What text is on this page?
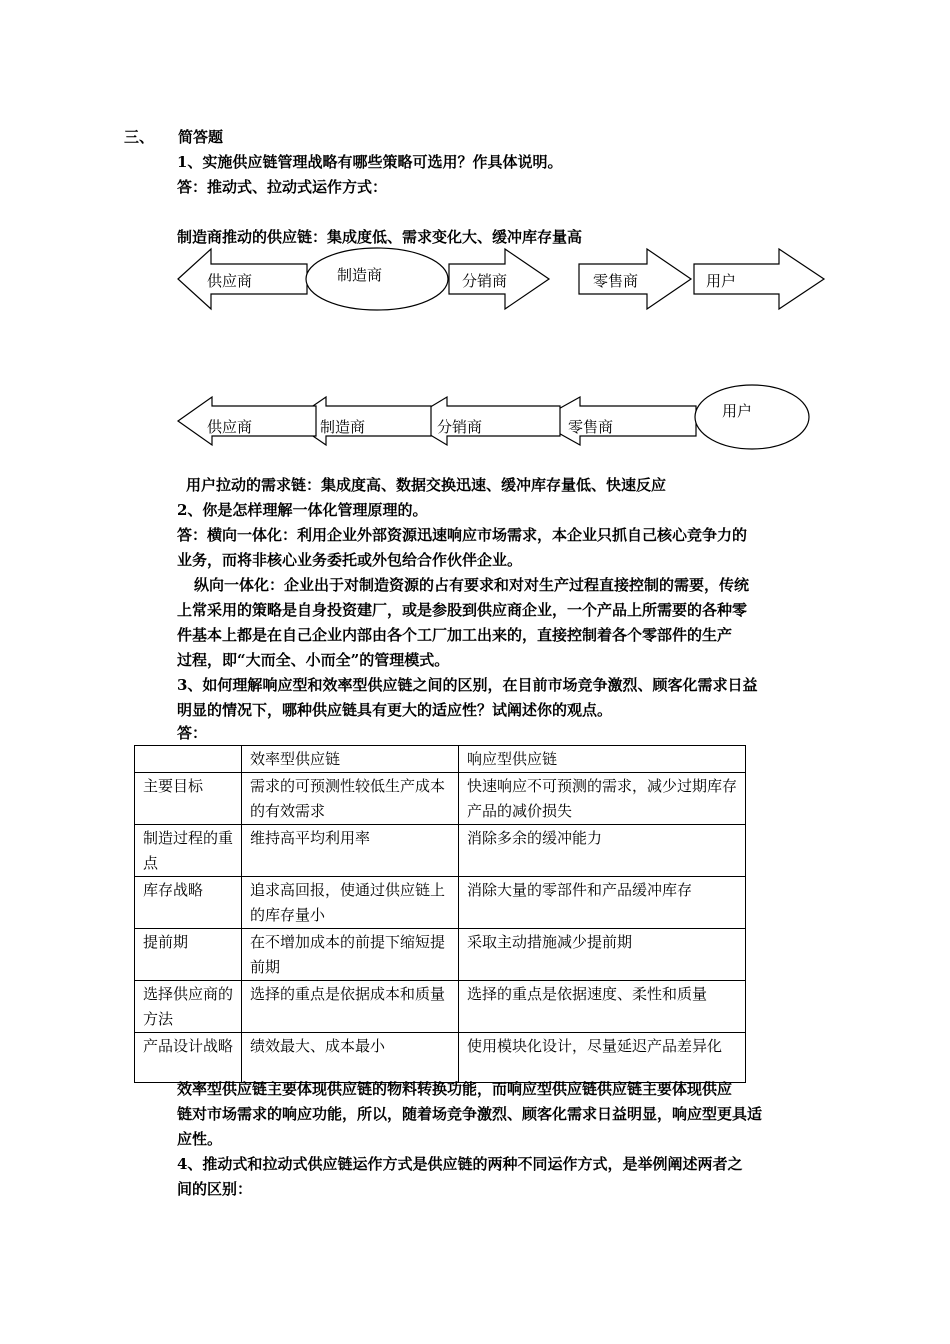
三、 简答题
1、实施供应链管理战略有哪些策略可选用？作具体说明。
答：推动式、拉动式运作方式：
制造商推动的供应链：集成度低、需求变化大、缓冲库存量高
供应商	制造商	分销商	零售商	用户
供应商	制造商	分销商	零售商
用户
用户拉动的需求链：集成度高、数据交换迅速、缓冲库存量低、快速反应
2、你是怎样理解一体化管理原理的。
答：横向一体化：利用企业外部资源迅速响应市场需求，本企业只抓自己核心竞争力的
业务，而将非核心业务委托或外包给合作伙伴企业。
纵向一体化：企业出于对制造资源的占有要求和对对生产过程直接控制的需要，传统
上常采用的策略是自身投资建厂，或是参股到供应商企业，一个产品上所需要的各种零
件基本上都是在自己企业内部由各个工厂加工出来的，直接控制着各个零部件的生产
过程，即“大而全、小而全”的管理模式。
3、如何理解响应型和效率型供应链之间的区别，在目前市场竞争激烈、顾客化需求日益
明显的情况下，哪种供应链具有更大的适应性？试阐述你的观点。
答：
	效率型供应链	响应型供应链
主要目标	需求的可预测性较低生产成本的有效需求	快速响应不可预测的需求，减少过期库存产品的减价损失
制造过程的重点	维持高平均利用率	消除多余的缓冲能力
库存战略	追求高回报，使通过供应链上的库存量小	消除大量的零部件和产品缓冲库存
提前期	在不增加成本的前提下缩短提前期	采取主动措施减少提前期
选择供应商的方法	选择的重点是依据成本和质量	选择的重点是依据速度、柔性和质量
产品设计战略	绩效最大、成本最小	使用模块化设计，尽量延迟产品差异化
效率型供应链主要体现供应链的物料转换功能，而响应型供应链供应链主要体现供应
链对市场需求的响应功能，所以，随着场竞争激烈、顾客化需求日益明显，响应型更具适
应性。
4、推动式和拉动式供应链运作方式是供应链的两种不同运作方式，是举例阐述两者之
间的区别：
